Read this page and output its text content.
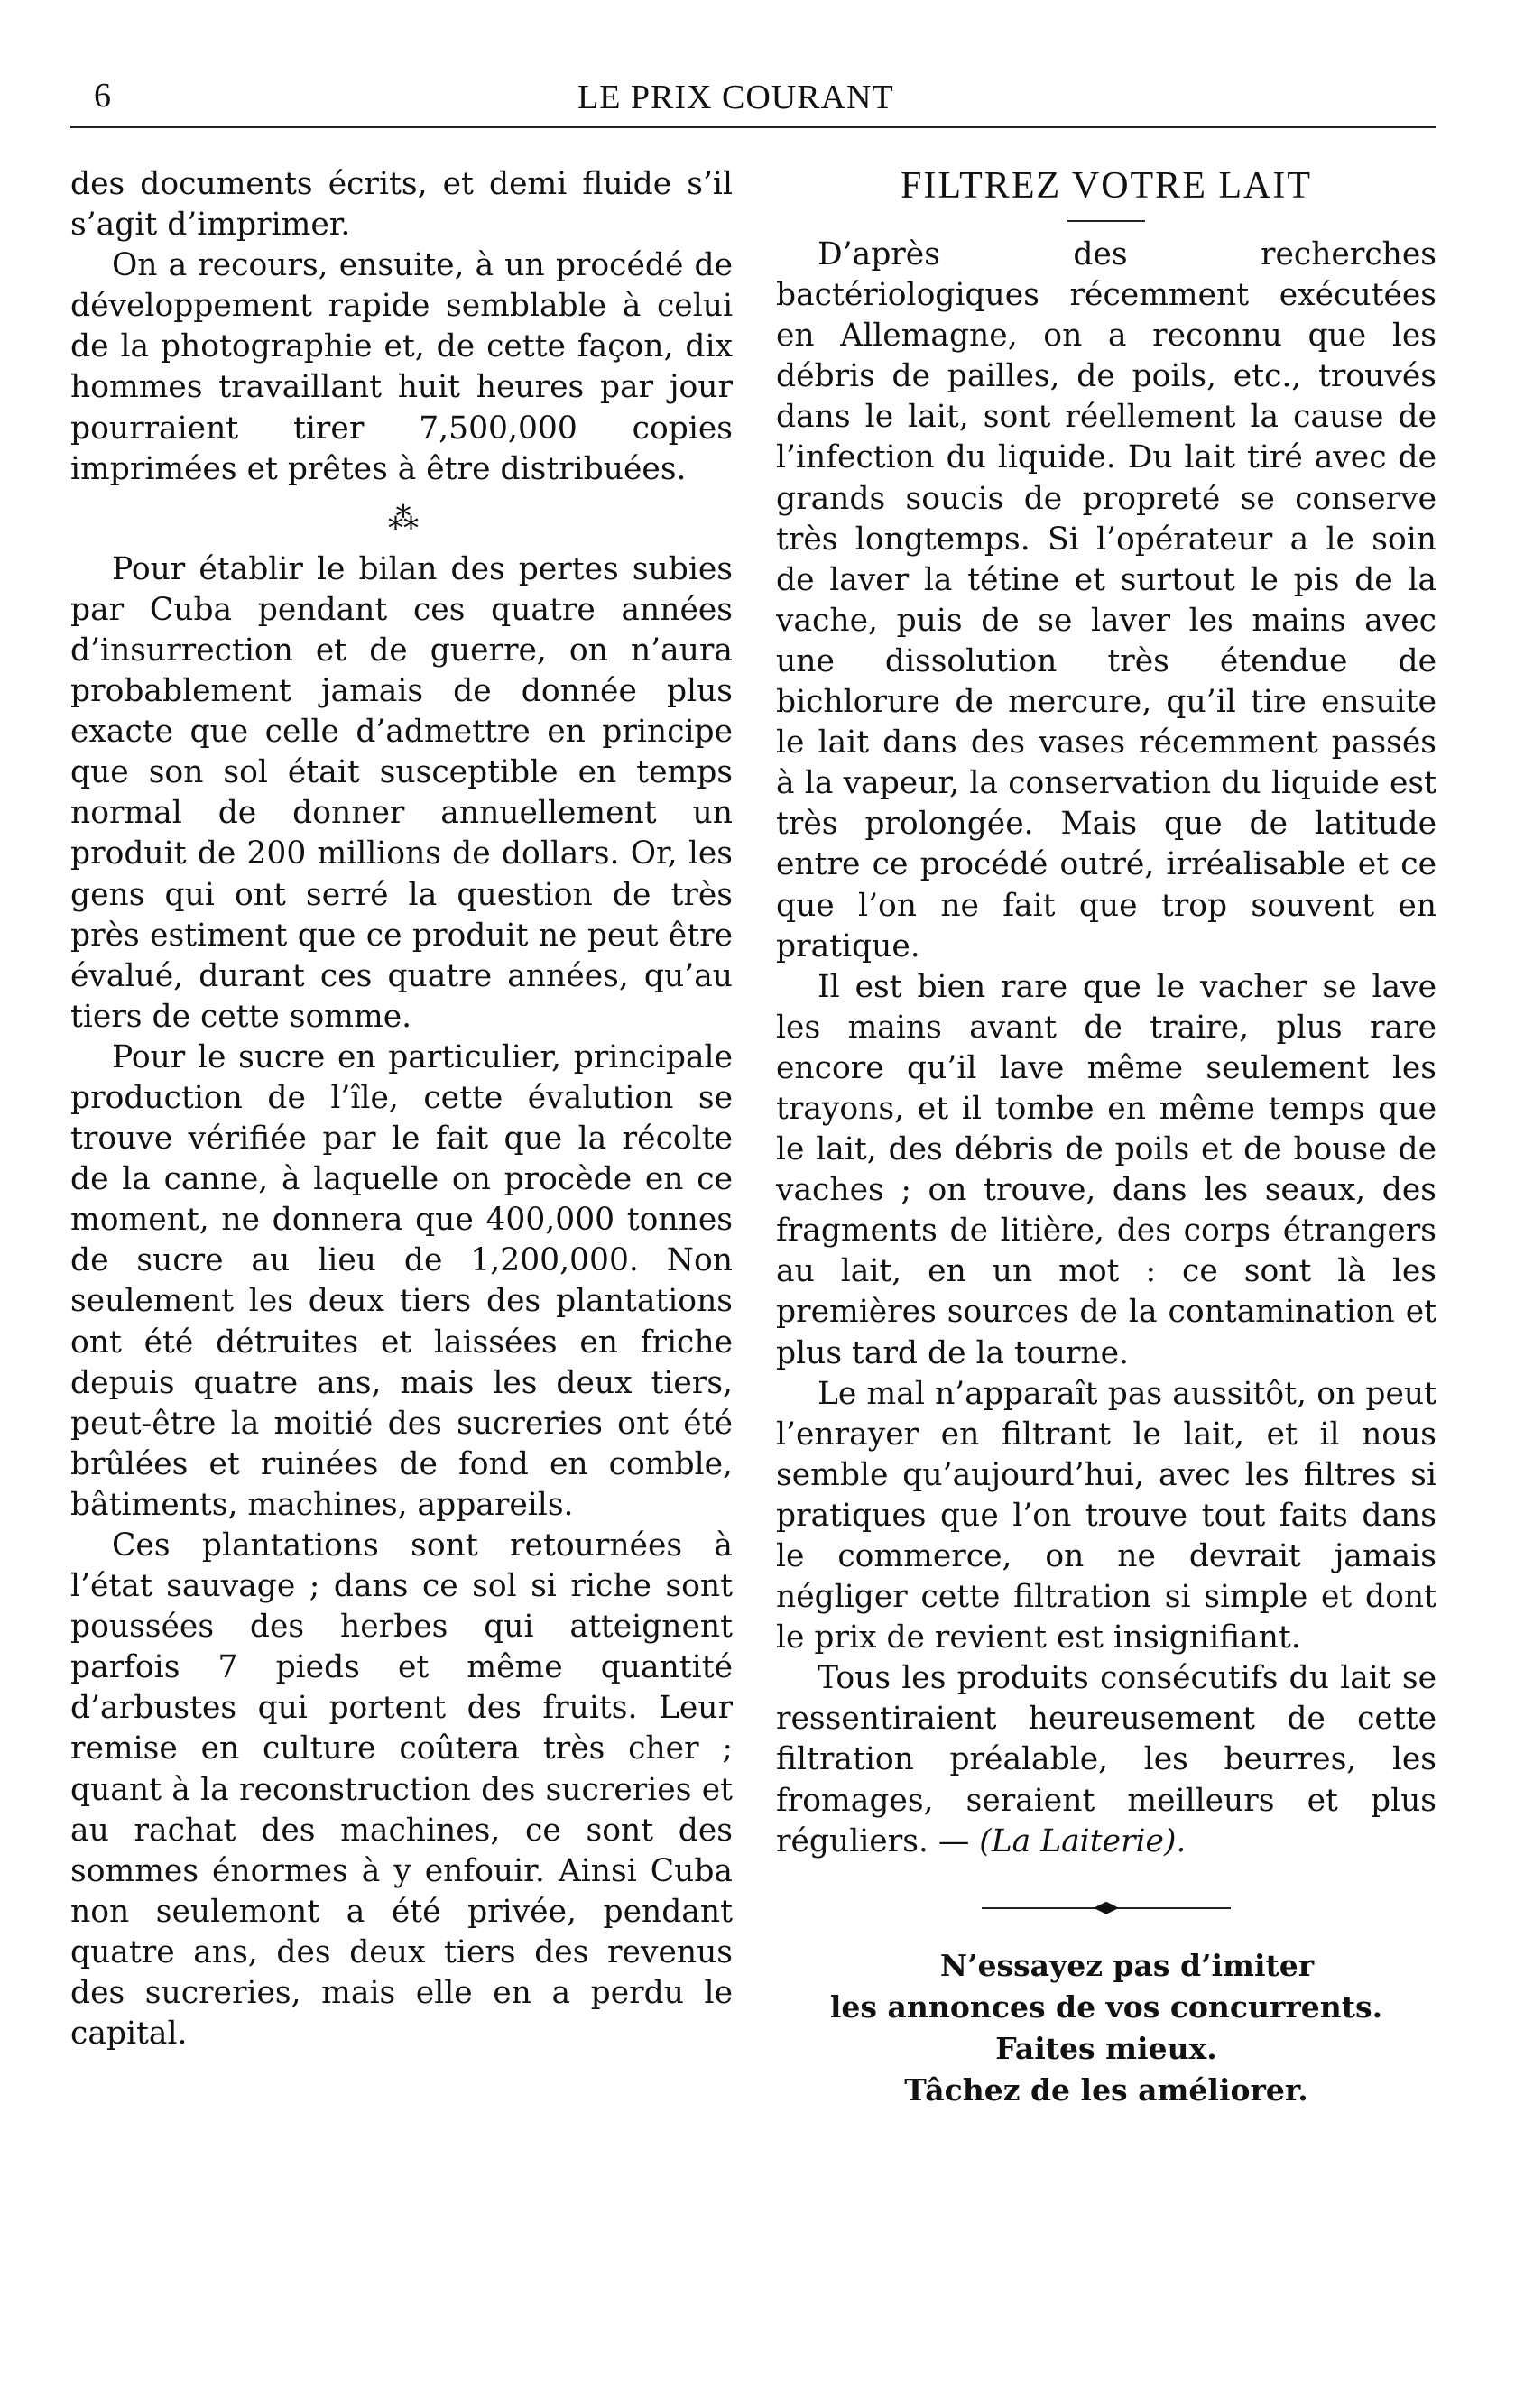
6	LE PRIX COURANT

des documents écrits, et demi fluide s’il s’agit d’imprimer.

On a recours, ensuite, à un procédé de développement rapide semblable à celui de la photographie et, de cette façon, dix hommes travaillant huit heures par jour pourraient tirer 7,500,000 copies imprimées et prêtes à être distribuées.

⁂

Pour établir le bilan des pertes subies par Cuba pendant ces quatre années d’insurrection et de guerre, on n’aura probablement jamais de donnée plus exacte que celle d’admettre en principe que son sol était susceptible en temps normal de donner annuellement un produit de 200 millions de dollars. Or, les gens qui ont serré la question de très près estiment que ce produit ne peut être évalué, durant ces quatre années, qu’au tiers de cette somme.

Pour le sucre en particulier, principale production de l’île, cette évalution se trouve vérifiée par le fait que la récolte de la canne, à laquelle on procède en ce moment, ne donnera que 400,000 tonnes de sucre au lieu de 1,200,000. Non seulement les deux tiers des plantations ont été détruites et laissées en friche depuis quatre ans, mais les deux tiers, peut-être la moitié des sucreries ont été brûlées et ruinées de fond en comble, bâtiments, machines, appareils.

Ces plantations sont retournées à l’état sauvage ; dans ce sol si riche sont poussées des herbes qui atteignent parfois 7 pieds et même quantité d’arbustes qui portent des fruits. Leur remise en culture coûtera très cher ; quant à la reconstruction des sucreries et au rachat des machines, ce sont des sommes énormes à y enfouir. Ainsi Cuba non seulemont a été privée, pendant quatre ans, des deux tiers des revenus des sucreries, mais elle en a perdu le capital.

FILTREZ VOTRE LAIT

D’après des recherches bactériologiques récemment exécutées en Allemagne, on a reconnu que les débris de pailles, de poils, etc., trouvés dans le lait, sont réellement la cause de l’infection du liquide. Du lait tiré avec de grands soucis de propreté se conserve très longtemps. Si l’opérateur a le soin de laver la tétine et surtout le pis de la vache, puis de se laver les mains avec une dissolution très étendue de bichlorure de mercure, qu’il tire ensuite le lait dans des vases récemment passés à la vapeur, la conservation du liquide est très prolongée. Mais que de latitude entre ce procédé outré, irréalisable et ce que l’on ne fait que trop souvent en pratique.

Il est bien rare que le vacher se lave les mains avant de traire, plus rare encore qu’il lave même seulement les trayons, et il tombe en même temps que le lait, des débris de poils et de bouse de vaches ; on trouve, dans les seaux, des fragments de litière, des corps étrangers au lait, en un mot : ce sont là les premières sources de la contamination et plus tard de la tourne.

Le mal n’apparaît pas aussitôt, on peut l’enrayer en filtrant le lait, et il nous semble qu’aujourd’hui, avec les filtres si pratiques que l’on trouve tout faits dans le commerce, on ne devrait jamais négliger cette filtration si simple et dont le prix de revient est insignifiant.

Tous les produits consécutifs du lait se ressentiraient heureusement de cette filtration préalable, les beurres, les fromages, seraient meilleurs et plus réguliers. — (La Laiterie).

N’essayez pas d’imiter
les annonces de vos concurrents. Faites mieux.
Tâchez de les améliorer.
